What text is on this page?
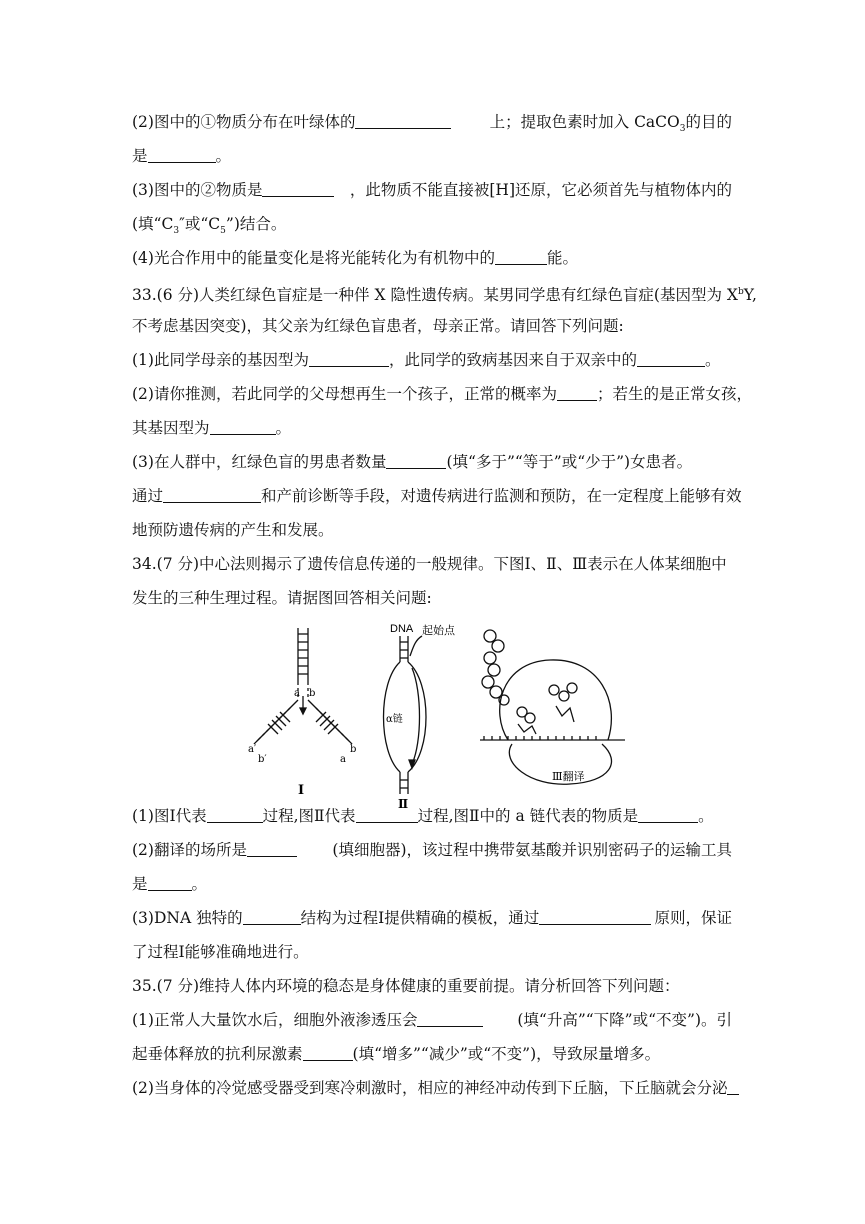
(2)图中的①物质分布在叶绿体的	上；提取色素时加入 CaCO$_3$的目的
是	。
(3)图中的②物质是	，此物质不能直接被[H]还原，它必须首先与植物体内的
(填“$C_3''$或“$C_5$”)结合。
(4)光合作用中的能量变化是将光能转化为有机物中的	能。
33.(6 分)人类红绿色盲症是一种伴 X 隐性遗传病。某男同学患有红绿色盲症(基因型为 $X^bY$,
不考虑基因突变)，其父亲为红绿色盲患者，母亲正常。请回答下列问题:
(1)此同学母亲的基因型为	，此同学的致病基因来自于双亲中的	。
(2)请你推测，若此同学的父母想再生一个孩子，正常的概率为	；若生的是正常女孩，
其基因型为	。
(3)在人群中，红绿色盲的男患者数量	(填“多于”“等于”或“少于”)女患者。
通过	和产前诊断等手段，对遗传病进行监测和预防，在一定程度上能够有效
地预防遗传病的产生和发展。
34.(7 分)中心法则揭示了遗传信息传递的一般规律。下图Ⅰ、Ⅱ、Ⅲ表示在人体某细胞中
发生的三种生理过程。请据图回答相关问题:
a b
a′
b′
b
a
Ⅰ
DNA 起始点
α链
Ⅱ
Ⅲ翻译
(1)图Ⅰ代表	过程,图Ⅱ代表	过程,图Ⅱ中的 a 链代表的物质是	。
(2)翻译的场所是	(填细胞器)，该过程中携带氨基酸并识别密码子的运输工具
是	。
(3)DNA 独特的	结构为过程Ⅰ提供精确的模板，通过	原则，保证
了过程Ⅰ能够准确地进行。
35.(7 分)维持人体内环境的稳态是身体健康的重要前提。请分析回答下列问题：
(1)正常人大量饮水后，细胞外液渗透压会	(填“升高”“下降”或“不变”)。引
起垂体释放的抗利尿激素	(填“增多”“减少”或“不变”)，导致尿量增多。
(2)当身体的冷觉感受器受到寒冷刺激时，相应的神经冲动传到下丘脑，下丘脑就会分泌
